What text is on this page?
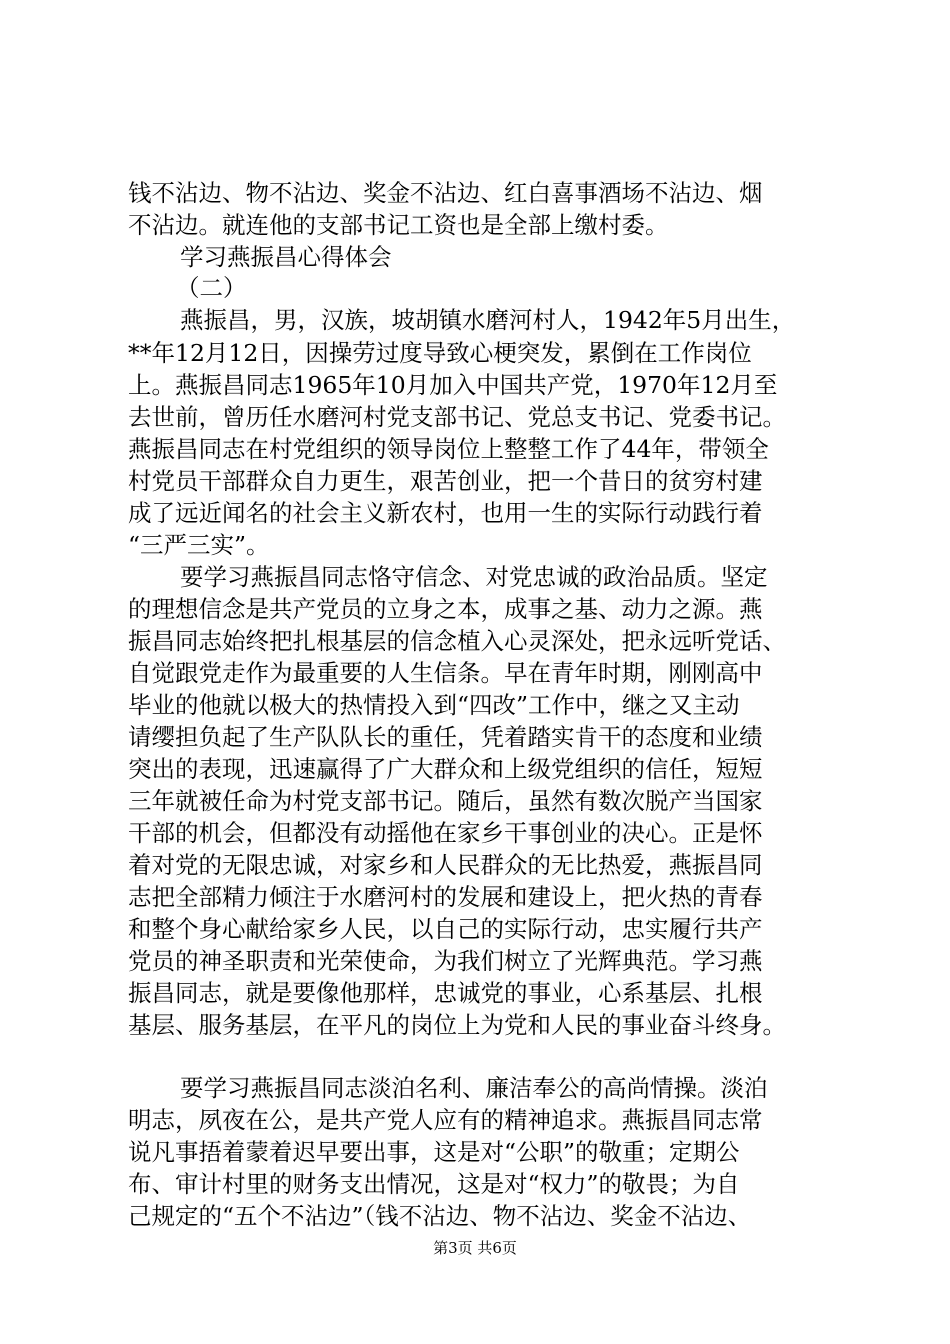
钱不沾边、物不沾边、奖金不沾边、红白喜事酒场不沾边、烟
不沾边。就连他的支部书记工资也是全部上缴村委。
学习燕振昌心得体会
（二）
燕振昌，男，汉族，坡胡镇水磨河村人，1942年5月出生，
**年12月12日，因操劳过度导致心梗突发，累倒在工作岗位
上。燕振昌同志1965年10月加入中国共产党，1970年12月至
去世前，曾历任水磨河村党支部书记、党总支书记、党委书记。
燕振昌同志在村党组织的领导岗位上整整工作了44年，带领全
村党员干部群众自力更生，艰苦创业，把一个昔日的贫穷村建
成了远近闻名的社会主义新农村，也用一生的实际行动践行着
“三严三实”。
要学习燕振昌同志恪守信念、对党忠诚的政治品质。坚定
的理想信念是共产党员的立身之本，成事之基、动力之源。燕
振昌同志始终把扎根基层的信念植入心灵深处，把永远听党话、
自觉跟党走作为最重要的人生信条。早在青年时期，刚刚高中
毕业的他就以极大的热情投入到“四改”工作中，继之又主动
请缨担负起了生产队队长的重任，凭着踏实肯干的态度和业绩
突出的表现，迅速赢得了广大群众和上级党组织的信任，短短
三年就被任命为村党支部书记。随后，虽然有数次脱产当国家
干部的机会，但都没有动摇他在家乡干事创业的决心。正是怀
着对党的无限忠诚，对家乡和人民群众的无比热爱，燕振昌同
志把全部精力倾注于水磨河村的发展和建设上，把火热的青春
和整个身心献给家乡人民，以自己的实际行动，忠实履行共产
党员的神圣职责和光荣使命，为我们树立了光辉典范。学习燕
振昌同志，就是要像他那样，忠诚党的事业，心系基层、扎根
基层、服务基层，在平凡的岗位上为党和人民的事业奋斗终身。
要学习燕振昌同志淡泊名利、廉洁奉公的高尚情操。淡泊
明志，夙夜在公，是共产党人应有的精神追求。燕振昌同志常
说凡事捂着蒙着迟早要出事，这是对“公职”的敬重；定期公
布、审计村里的财务支出情况，这是对“权力”的敬畏；为自
己规定的“五个不沾边”（钱不沾边、物不沾边、奖金不沾边、
第3页 共6页
